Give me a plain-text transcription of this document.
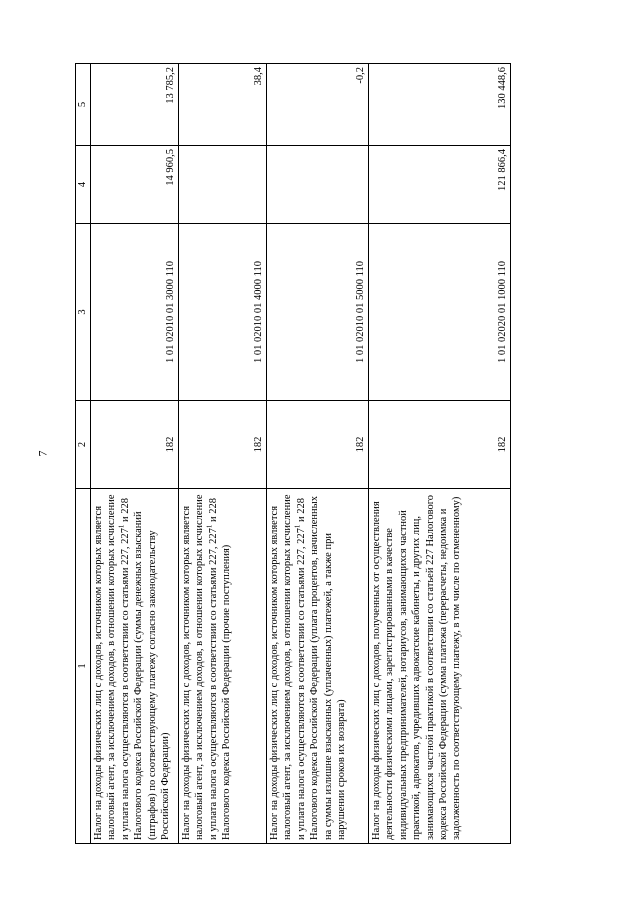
7
1	2	3	4	5
Налог на доходы физических лиц с доходов, источником которых является налоговый агент, за исключением доходов, в отношении которых исчисление и уплата налога осуществляются в соответствии со статьями 227, $227^1$ и 228 Налогового кодекса Российской Федерации (суммы денежных взысканий (штрафов) по соответствующему платежу согласно законодательству Российской Федерации)	182	1 01 02010 01 3000 110	14 960,5	13 785,2
Налог на доходы физических лиц с доходов, источником которых является налоговый агент, за исключением доходов, в отношении которых исчисление и уплата налога осуществляются в соответствии со статьями 227, $227^1$ и 228 Налогового кодекса Российской Федерации (прочие поступления)	182	1 01 02010 01 4000 110		38,4
Налог на доходы физических лиц с доходов, источником которых является налоговый агент, за исключением доходов, в отношении которых исчисление и уплата налога осуществляются в соответствии со статьями 227, $227^1$ и 228 Налогового кодекса Российской Федерации (уплата процентов, начисленных на суммы излишне взысканных (уплаченных) платежей, а также при нарушении сроков их возврата)	182	1 01 02010 01 5000 110		-0,2
Налог на доходы физических лиц с доходов, полученных от осуществления деятельности физическими лицами, зарегистрированными в качестве индивидуальных предпринимателей, нотариусов, занимающихся частной практикой, адвокатов, учредивших адвокатские кабинеты, и других лиц, занимающихся частной практикой в соответствии со статьей 227 Налогового кодекса Российской Федерации (сумма платежа (перерасчеты, недоимка и задолженность по соответствующему платежу, в том числе по отмененному)	182	1 01 02020 01 1000 110	121 866,4	130 448,6
